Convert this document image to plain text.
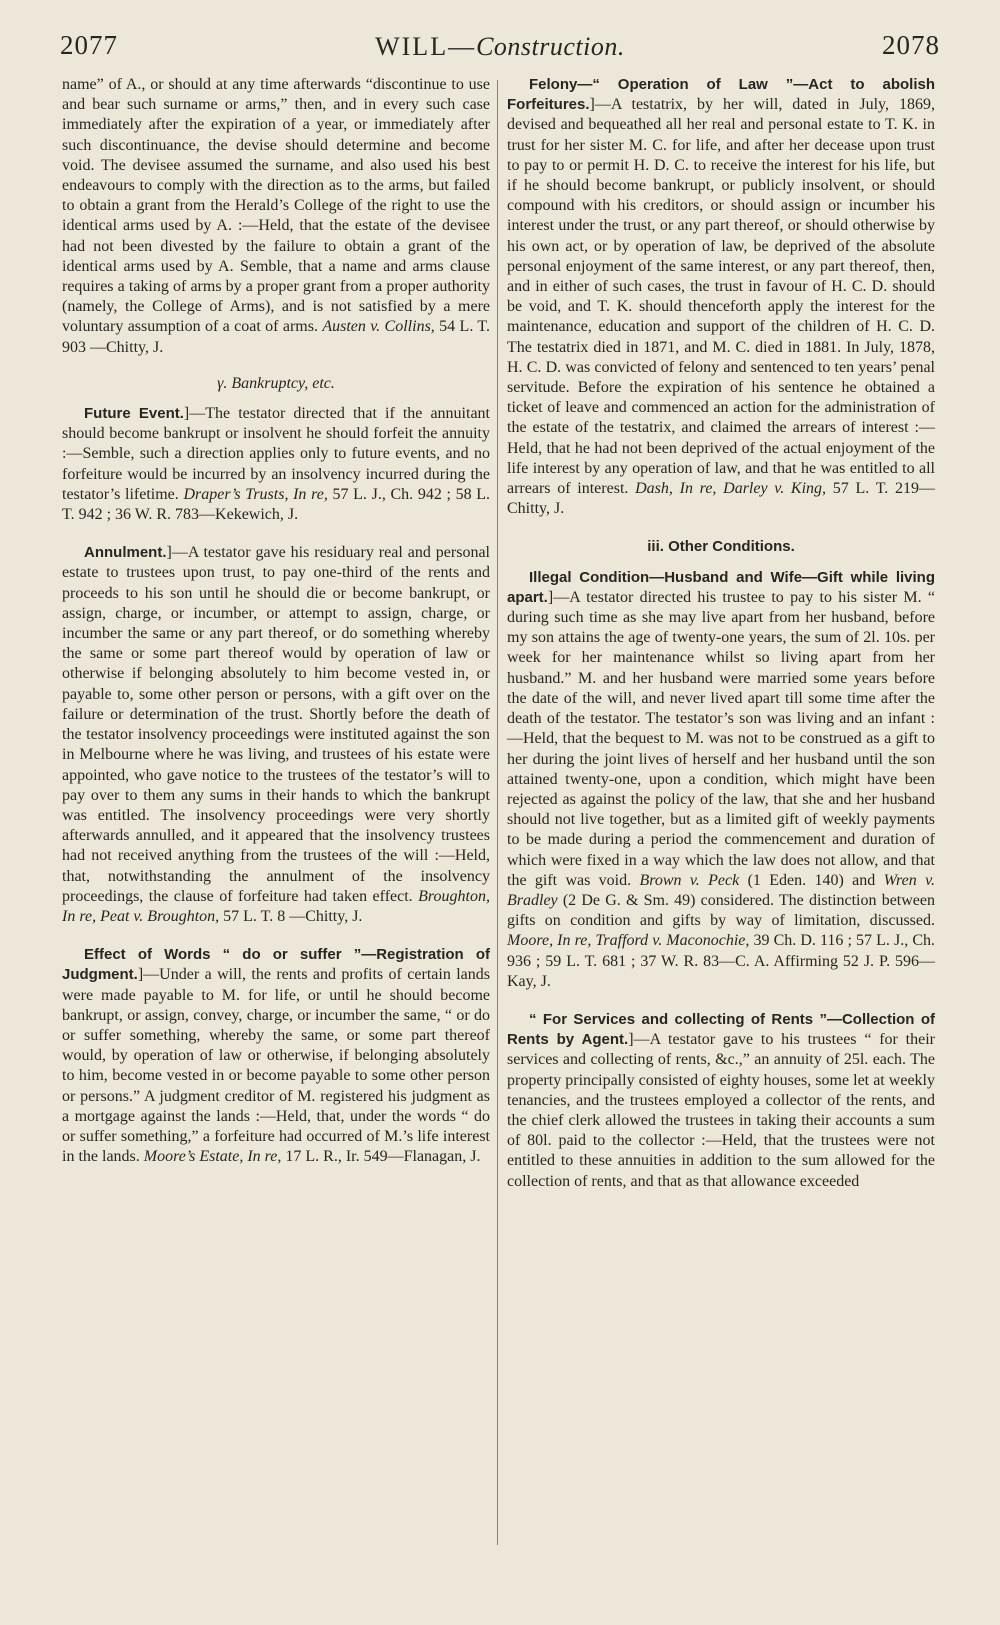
2077	WILL—Construction.	2078

name” of A., or should at any time afterwards “discontinue to use and bear such surname or arms,” then, and in every such case immediately after the expiration of a year, or immediately after such discontinuance, the devise should determine and become void. The devisee assumed the surname, and also used his best endeavours to comply with the direction as to the arms, but failed to obtain a grant from the Herald’s College of the right to use the identical arms used by A. :—Held, that the estate of the devisee had not been divested by the failure to obtain a grant of the identical arms used by A. Semble, that a name and arms clause requires a taking of arms by a proper grant from a proper authority (namely, the College of Arms), and is not satisfied by a mere voluntary assumption of a coat of arms. Austen v. Collins, 54 L. T. 903 —Chitty, J.

γ. Bankruptcy, etc.

Future Event.]—The testator directed that if the annuitant should become bankrupt or insolvent he should forfeit the annuity :—Semble, such a direction applies only to future events, and no forfeiture would be incurred by an insolvency incurred during the testator’s lifetime. Draper’s Trusts, In re, 57 L. J., Ch. 942 ; 58 L. T. 942 ; 36 W. R. 783—Kekewich, J.

Annulment.]—A testator gave his residuary real and personal estate to trustees upon trust, to pay one-third of the rents and proceeds to his son until he should die or become bankrupt, or assign, charge, or incumber, or attempt to assign, charge, or incumber the same or any part thereof, or do something whereby the same or some part thereof would by operation of law or otherwise if belonging absolutely to him become vested in, or payable to, some other person or persons, with a gift over on the failure or determination of the trust. Shortly before the death of the testator insolvency proceedings were instituted against the son in Melbourne where he was living, and trustees of his estate were appointed, who gave notice to the trustees of the testator’s will to pay over to them any sums in their hands to which the bankrupt was entitled. The insolvency proceedings were very shortly afterwards annulled, and it appeared that the insolvency trustees had not received anything from the trustees of the will :—Held, that, notwithstanding the annulment of the insolvency proceedings, the clause of forfeiture had taken effect. Broughton, In re, Peat v. Broughton, 57 L. T. 8 —Chitty, J.

Effect of Words “ do or suffer ”—Registration of Judgment.]—Under a will, the rents and profits of certain lands were made payable to M. for life, or until he should become bankrupt, or assign, convey, charge, or incumber the same, “ or do or suffer something, whereby the same, or some part thereof would, by operation of law or otherwise, if belonging absolutely to him, become vested in or become payable to some other person or persons.” A judgment creditor of M. registered his judgment as a mortgage against the lands :—Held, that, under the words “ do or suffer something,” a forfeiture had occurred of M.’s life interest in the lands. Moore’s Estate, In re, 17 L. R., Ir. 549—Flanagan, J.

Felony—“ Operation of Law ”—Act to abolish Forfeitures.]—A testatrix, by her will, dated in July, 1869, devised and bequeathed all her real and personal estate to T. K. in trust for her sister M. C. for life, and after her decease upon trust to pay to or permit H. D. C. to receive the interest for his life, but if he should become bankrupt, or publicly insolvent, or should compound with his creditors, or should assign or incumber his interest under the trust, or any part thereof, or should otherwise by his own act, or by operation of law, be deprived of the absolute personal enjoyment of the same interest, or any part thereof, then, and in either of such cases, the trust in favour of H. C. D. should be void, and T. K. should thenceforth apply the interest for the maintenance, education and support of the children of H. C. D. The testatrix died in 1871, and M. C. died in 1881. In July, 1878, H. C. D. was convicted of felony and sentenced to ten years’ penal servitude. Before the expiration of his sentence he obtained a ticket of leave and commenced an action for the administration of the estate of the testatrix, and claimed the arrears of interest :—Held, that he had not been deprived of the actual enjoyment of the life interest by any operation of law, and that he was entitled to all arrears of interest. Dash, In re, Darley v. King, 57 L. T. 219—Chitty, J.

iii. Other Conditions.

Illegal Condition—Husband and Wife—Gift while living apart.]—A testator directed his trustee to pay to his sister M. “ during such time as she may live apart from her husband, before my son attains the age of twenty-one years, the sum of 2l. 10s. per week for her maintenance whilst so living apart from her husband.” M. and her husband were married some years before the date of the will, and never lived apart till some time after the death of the testator. The testator’s son was living and an infant :—Held, that the bequest to M. was not to be construed as a gift to her during the joint lives of herself and her husband until the son attained twenty-one, upon a condition, which might have been rejected as against the policy of the law, that she and her husband should not live together, but as a limited gift of weekly payments to be made during a period the commencement and duration of which were fixed in a way which the law does not allow, and that the gift was void. Brown v. Peck (1 Eden. 140) and Wren v. Bradley (2 De G. & Sm. 49) considered. The distinction between gifts on condition and gifts by way of limitation, discussed. Moore, In re, Trafford v. Maconochie, 39 Ch. D. 116 ; 57 L. J., Ch. 936 ; 59 L. T. 681 ; 37 W. R. 83—C. A. Affirming 52 J. P. 596—Kay, J.

“ For Services and collecting of Rents ”—Collection of Rents by Agent.]—A testator gave to his trustees “ for their services and collecting of rents, &c.,” an annuity of 25l. each. The property principally consisted of eighty houses, some let at weekly tenancies, and the trustees employed a collector of the rents, and the chief clerk allowed the trustees in taking their accounts a sum of 80l. paid to the collector :—Held, that the trustees were not entitled to these annuities in addition to the sum allowed for the collection of rents, and that as that allowance exceeded
